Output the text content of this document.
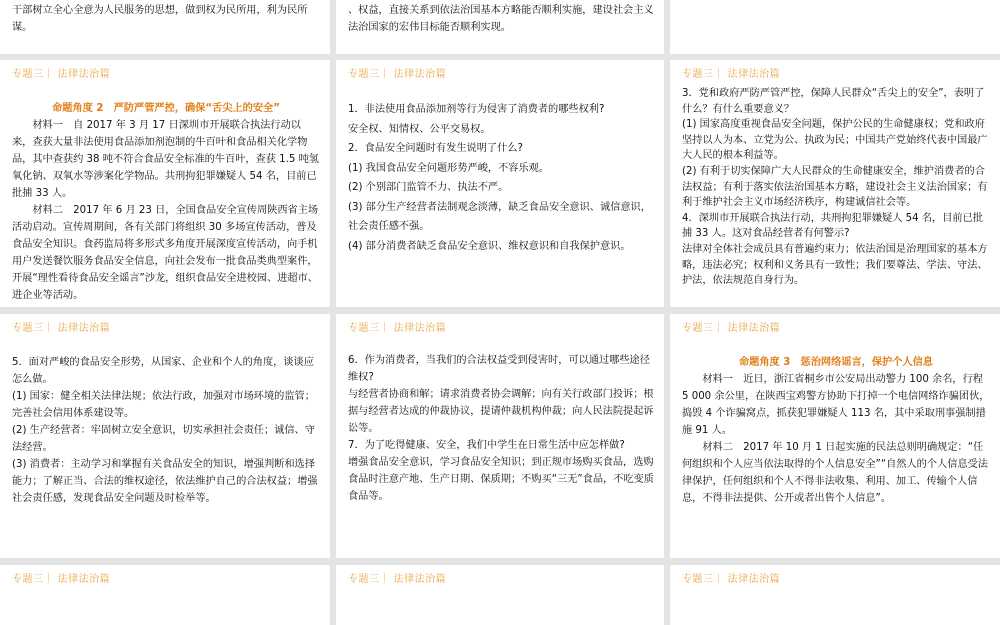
干部树立全心全意为人民服务的思想，做到权为民所用，利为民所谋。

、权益，直接关系到依法治国基本方略能否顺利实施，建设社会主义法治国家的宏伟目标能否顺利实现。

专题三｜ 法律法治篇

命题角度 2　严防严管严控，确保“舌尖上的安全”

材料一　自 2017 年 3 月 17 日深圳市开展联合执法行动以来，查获大量非法使用食品添加剂泡制的牛百叶和食品相关化学物品，其中查获约 38 吨不符合食品安全标准的牛百叶，查获 1.5 吨氢氧化钠、双氧水等涉案化学物品。共刑拘犯罪嫌疑人 54 名，目前已批捕 33 人。

材料二　2017 年 6 月 23 日，全国食品安全宣传周陕西省主场活动启动。宣传周期间，各有关部门将组织 30 多场宣传活动，普及食品安全知识。食药监局将多形式多角度开展深度宣传活动，向手机用户发送餐饮服务食品安全信息，向社会发布一批食品类典型案件，开展“理性看待食品安全谣言”沙龙，组织食品安全进校园、进超市、进企业等活动。

专题三｜ 法律法治篇

1．非法使用食品添加剂等行为侵害了消费者的哪些权利?

安全权、知情权、公平交易权。

2．食品安全问题时有发生说明了什么?

(1) 我国食品安全问题形势严峻，不容乐观。

(2) 个别部门监管不力、执法不严。

(3) 部分生产经营者法制观念淡薄，缺乏食品安全意识、诚信意识，社会责任感不强。

(4) 部分消费者缺乏食品安全意识、维权意识和自我保护意识。

专题三｜ 法律法治篇

3．党和政府严防严管严控，保障人民群众“舌尖上的安全”，表明了什么？有什么重要意义？

(1) 国家高度重视食品安全问题，保护公民的生命健康权；党和政府坚持以人为本、立党为公、执政为民；中国共产党始终代表中国最广大人民的根本利益等。

(2) 有利于切实保障广大人民群众的生命健康安全，维护消费者的合法权益；有利于落实依法治国基本方略，建设社会主义法治国家；有利于维护社会主义市场经济秩序，构建诚信社会等。

4．深圳市开展联合执法行动，共刑拘犯罪嫌疑人 54 名，目前已批捕 33 人。这对食品经营者有何警示?

法律对全体社会成员具有普遍约束力；依法治国是治理国家的基本方略，违法必究；权利和义务具有一致性；我们要尊法、学法、守法、护法，依法规范自身行为。

专题三｜ 法律法治篇

5．面对严峻的食品安全形势，从国家、企业和个人的角度，谈谈应怎么做。

(1) 国家：健全相关法律法规；依法行政，加强对市场环境的监管；完善社会信用体系建设等。

(2) 生产经营者：牢固树立安全意识，切实承担社会责任；诚信、守法经营。

(3) 消费者：主动学习和掌握有关食品安全的知识，增强判断和选择能力；了解正当、合法的维权途径，依法维护自己的合法权益；增强社会责任感，发现食品安全问题及时检举等。

专题三｜ 法律法治篇

6．作为消费者，当我们的合法权益受到侵害时，可以通过哪些途径维权?

与经营者协商和解；请求消费者协会调解；向有关行政部门投诉；根据与经营者达成的仲裁协议，提请仲裁机构仲裁；向人民法院提起诉讼等。

7．为了吃得健康、安全，我们中学生在日常生活中应怎样做?

增强食品安全意识，学习食品安全知识；到正规市场购买食品，选购食品时注意产地、生产日期、保质期；不购买“三无”食品，不吃变质食品等。

专题三｜ 法律法治篇

命题角度 3　惩治网络谣言，保护个人信息

材料一　近日，浙江省桐乡市公安局出动警力 100 余名，行程 5 000 余公里，在陕西宝鸡警方协助下打掉一个电信网络诈骗团伙，捣毁 4 个诈骗窝点，抓获犯罪嫌疑人 113 名，其中采取刑事强制措施 91 人。

材料二　2017 年 10 月 1 日起实施的民法总则明确规定：“任何组织和个人应当依法取得的个人信息安全”“自然人的个人信息受法律保护，任何组织和个人不得非法收集、利用、加工、传输个人信息，不得非法提供、公开或者出售个人信息”。

专题三｜ 法律法治篇	专题三｜ 法律法治篇	专题三｜ 法律法治篇
